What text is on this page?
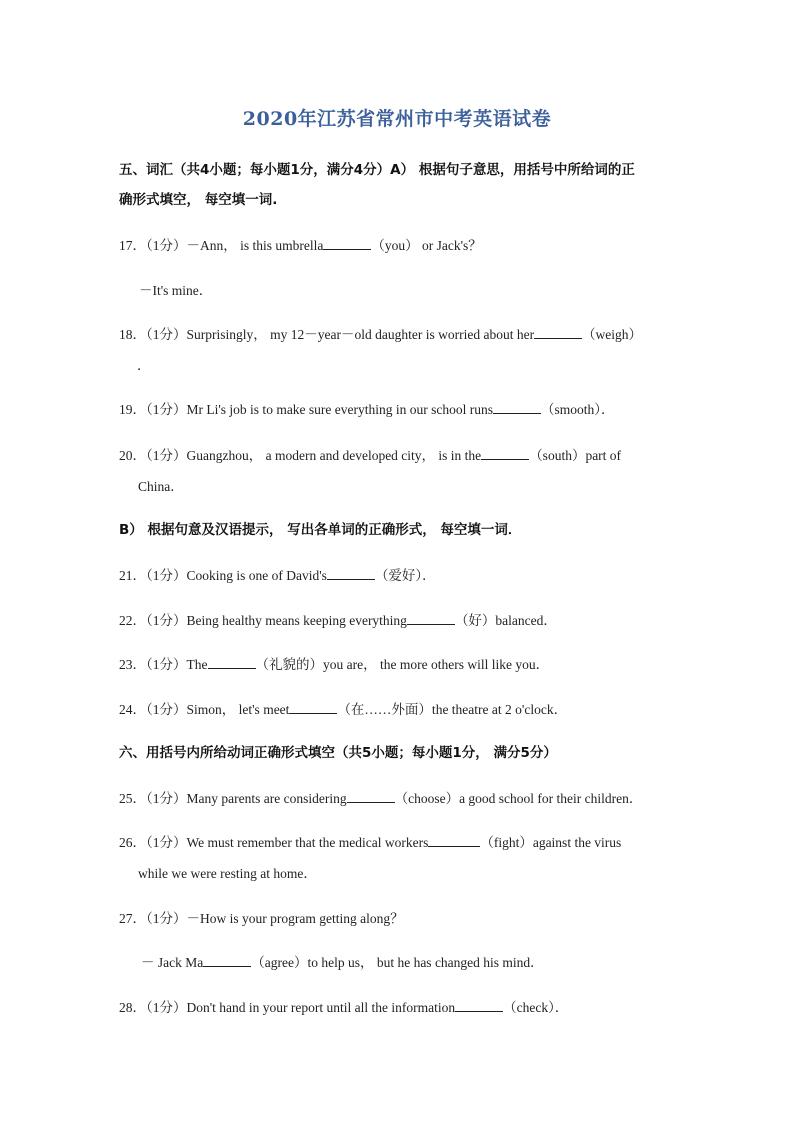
2020年江苏省常州市中考英语试卷
五、词汇（共4小题；每小题1分，满分4分）A） 根据句子意思，用括号中所给词的正
确形式填空， 每空填一词.
17．（1分）－Ann， is this umbrella	（you） or Jack's？
－It's mine．
18．（1分）Surprisingly， my 12－year－old daughter is worried about her	（weigh）
．
19．（1分）Mr Li's job is to make sure everything in our school runs	（smooth）．
20．（1分）Guangzhou， a modern and developed city， is in the	（south）part of
China．
B） 根据句意及汉语提示， 写出各单词的正确形式， 每空填一词．
21．（1分）Cooking is one of David's	（爱好）．
22．（1分）Being healthy means keeping everything	（好）balanced．
23．（1分）The	（礼貌的）you are， the more others will like you．
24．（1分）Simon， let's meet	（在……外面）the theatre at 2 o'clock．
六、用括号内所给动词正确形式填空（共5小题；每小题1分， 满分5分）
25．（1分）Many parents are considering	（choose）a good school for their children．
26．（1分）We must remember that the medical workers	（fight）against the virus
while we were resting at home．
27．（1分）－How is your program getting along？
－ Jack Ma	（agree）to help us， but he has changed his mind．
28．（1分）Don't hand in your report until all the information	（check）．
